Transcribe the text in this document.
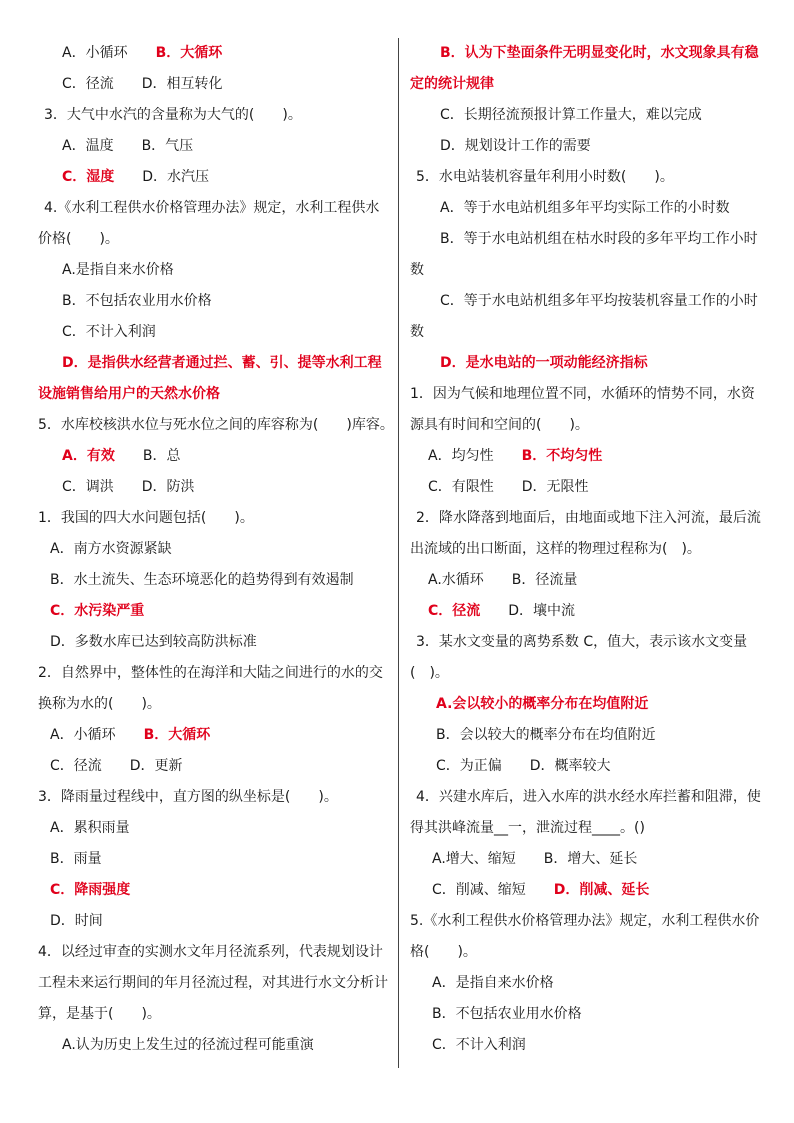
A．小循环　　B．大循环
C．径流　　D．相互转化
3．大气中水汽的含量称为大气的(　　)。
A．温度　　B．气压
C．湿度　　D．水汽压
4.《水利工程供水价格管理办法》规定，水利工程供水
价格(　　)。
A.是指自来水价格
B．不包括农业用水价格
C．不计入利润
D．是指供水经营者通过拦、蓄、引、提等水利工程
设施销售给用户的天然水价格
5．水库校核洪水位与死水位之间的库容称为(　　)库容。
A．有效　　B．总
C．调洪　　D．防洪
1．我国的四大水问题包括(　　)。
A．南方水资源紧缺
B．水土流失、生态环境恶化的趋势得到有效遏制
C．水污染严重
D．多数水库已达到较高防洪标准
2．自然界中，整体性的在海洋和大陆之间进行的水的交
换称为水的(　　)。
A．小循环　　B．大循环
C．径流　　D．更新
3．降雨量过程线中，直方图的纵坐标是(　　)。
A．累积雨量
B．雨量
C．降雨强度
D．时间
4．以经过审查的实测水文年月径流系列，代表规划设计
工程未来运行期间的年月径流过程，对其进行水文分析计
算，是基于(　　)。
A.认为历史上发生过的径流过程可能重演
B．认为下垫面条件无明显变化时，水文现象具有稳
定的统计规律
C．长期径流预报计算工作量大，难以完成
D．规划设计工作的需要
5．水电站装机容量年利用小时数(　　)。
A．等于水电站机组多年平均实际工作的小时数
B．等于水电站机组在枯水时段的多年平均工作小时
数
C．等于水电站机组多年平均按装机容量工作的小时
数
D．是水电站的一项动能经济指标
1．因为气候和地理位置不同，水循环的情势不同，水资
源具有时间和空间的(　　)。
A．均匀性　　B．不均匀性
C．有限性　　D．无限性
2．降水降落到地面后，由地面或地下注入河流，最后流
出流域的出口断面，这样的物理过程称为(　)。
A.水循环　　B．径流量
C．径流　　D．壤中流
3．某水文变量的离势系数 C，值大，表示该水文变量
(　)。
A.会以较小的概率分布在均值附近
B．会以较大的概率分布在均值附近
C．为正偏　　D．概率较大
4．兴建水库后，进入水库的洪水经水库拦蓄和阻滞，使
得其洪峰流量__一，泄流过程____。()
A.增大、缩短　　B．增大、延长
C．削减、缩短　　D．削减、延长
5.《水利工程供水价格管理办法》规定，水利工程供水价
格(　　)。
A．是指自来水价格
B．不包括农业用水价格
C．不计入利润
